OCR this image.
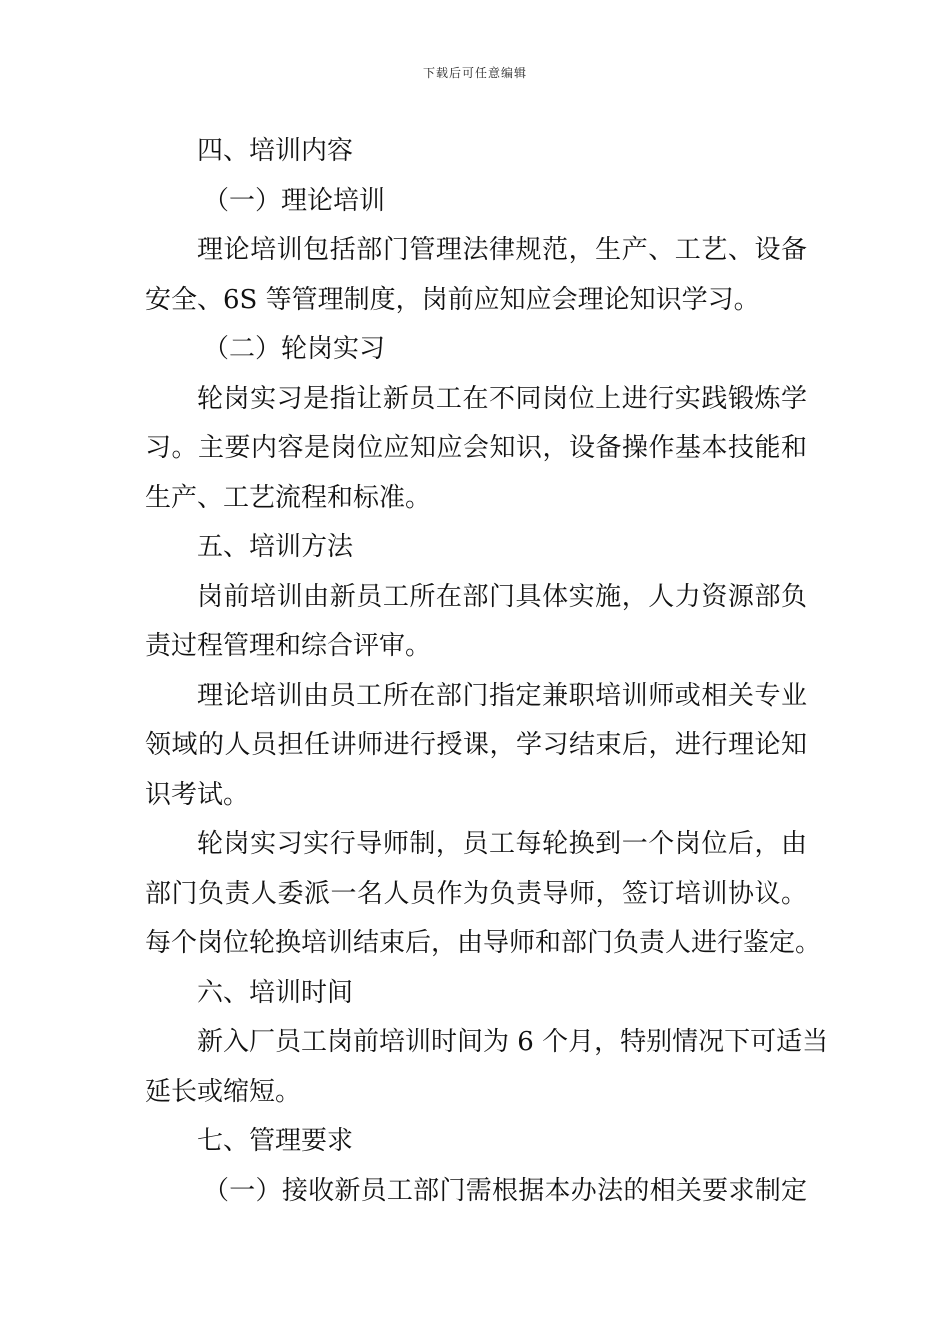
下载后可任意编辑
四、培训内容
（一）理论培训
理论培训包括部门管理法律规范，生产、工艺、设备
安全、6S 等管理制度，岗前应知应会理论知识学习。
（二）轮岗实习
轮岗实习是指让新员工在不同岗位上进行实践锻炼学
习。主要内容是岗位应知应会知识，设备操作基本技能和
生产、工艺流程和标准。
五、培训方法
岗前培训由新员工所在部门具体实施，人力资源部负
责过程管理和综合评审。
理论培训由员工所在部门指定兼职培训师或相关专业
领域的人员担任讲师进行授课，学习结束后，进行理论知
识考试。
轮岗实习实行导师制，员工每轮换到一个岗位后，由
部门负责人委派一名人员作为负责导师，签订培训协议。
每个岗位轮换培训结束后，由导师和部门负责人进行鉴定。
六、培训时间
新入厂员工岗前培训时间为 6 个月，特别情况下可适当
延长或缩短。
七、管理要求
（一）接收新员工部门需根据本办法的相关要求制定
